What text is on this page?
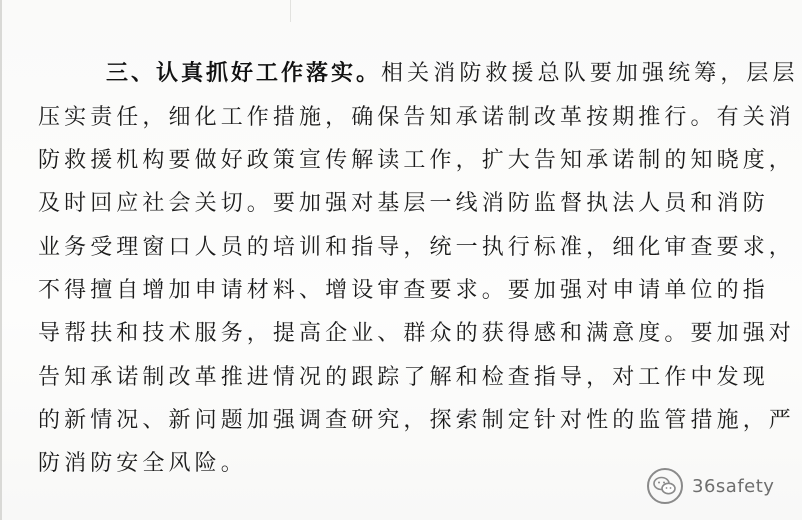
三、认真抓好工作落实。相关消防救援总队要加强统筹，层层
压实责任，细化工作措施，确保告知承诺制改革按期推行。有关消
防救援机构要做好政策宣传解读工作，扩大告知承诺制的知晓度，
及时回应社会关切。要加强对基层一线消防监督执法人员和消防
业务受理窗口人员的培训和指导，统一执行标准，细化审查要求，
不得擅自增加申请材料、增设审查要求。要加强对申请单位的指
导帮扶和技术服务，提高企业、群众的获得感和满意度。要加强对
告知承诺制改革推进情况的跟踪了解和检查指导，对工作中发现
的新情况、新问题加强调查研究，探索制定针对性的监管措施，严
防消防安全风险。
36safety
